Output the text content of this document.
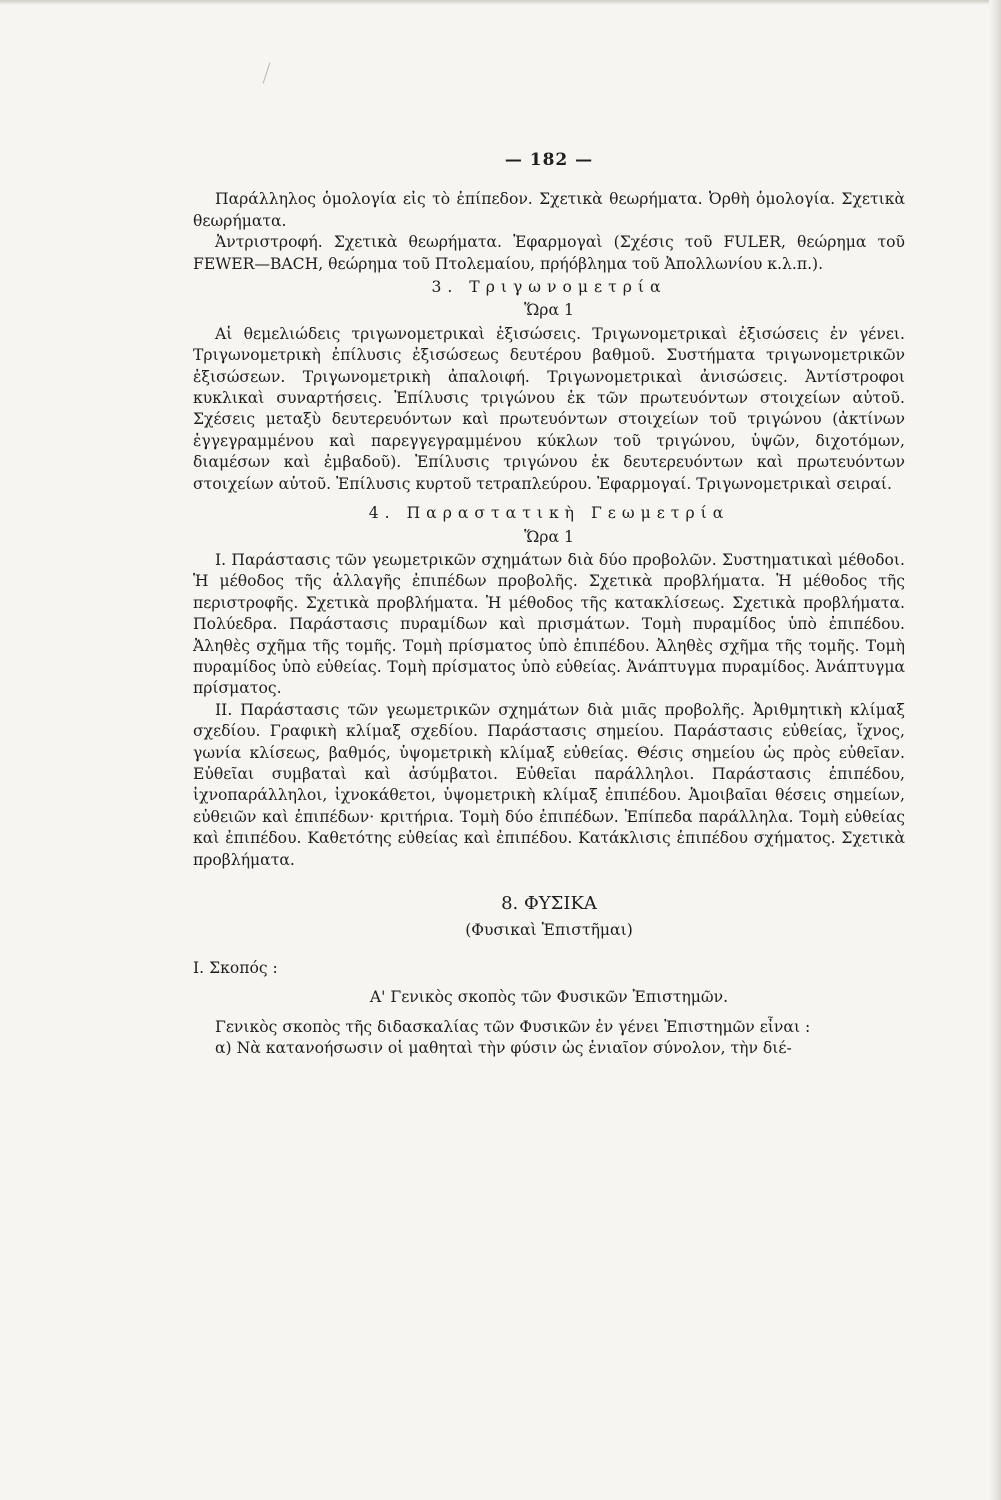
— 182 —

Παράλληλος ὁμολογία εἰς τὸ ἐπίπεδον. Σχετικὰ θεωρήματα. Ὀρθὴ ὁμολογία. Σχετικὰ θεωρήματα.

Ἀντριστροφή. Σχετικὰ θεωρήματα. Ἐφαρμογαὶ (Σχέσις τοῦ FULER, θεώρημα τοῦ FEWER—BACH, θεώρημα τοῦ Πτολεμαίου, πρήόβλημα τοῦ Ἀπολλωνίου κ.λ.π.).

3. Τριγωνομετρία
Ὥρα 1

Αἱ θεμελιώδεις τριγωνομετρικαὶ ἐξισώσεις. Τριγωνομετρικαὶ ἐξισώσεις ἐν γένει. Τριγωνομετρικὴ ἐπίλυσις ἐξισώσεως δευτέρου βαθμοῦ. Συστήματα τριγωνομετρικῶν ἐξισώσεων. Τριγωνομετρικὴ ἀπαλοιφή. Τριγωνομετρικαὶ ἀνισώσεις. Ἀντίστροφοι κυκλικαὶ συναρτήσεις. Ἐπίλυσις τριγώνου ἐκ τῶν πρωτευόντων στοιχείων αὐτοῦ. Σχέσεις μεταξὺ δευτερευόντων καὶ πρωτευόντων στοιχείων τοῦ τριγώνου (ἀκτίνων ἐγγεγραμμένου καὶ παρεγγεγραμμένου κύκλων τοῦ τριγώνου, ὑψῶν, διχοτόμων, διαμέσων καὶ ἐμβαδοῦ). Ἐπίλυσις τριγώνου ἐκ δευτερευόντων καὶ πρωτευόντων στοιχείων αὐτοῦ. Ἐπίλυσις κυρτοῦ τετραπλεύρου. Ἐφαρμογαί. Τριγωνομετρικαὶ σειραί.

4. Παραστατικὴ Γεωμετρία
Ὥρα 1

Ι. Παράστασις τῶν γεωμετρικῶν σχημάτων διὰ δύο προβολῶν. Συστηματικαὶ μέθοδοι. Ἡ μέθοδος τῆς ἀλλαγῆς ἐπιπέδων προβολῆς. Σχετικὰ προβλήματα. Ἡ μέθοδος τῆς περιστροφῆς. Σχετικὰ προβλήματα. Ἡ μέθοδος τῆς κατακλίσεως. Σχετικὰ προβλήματα. Πολύεδρα. Παράστασις πυραμίδων καὶ πρισμάτων. Τομὴ πυραμίδος ὑπὸ ἐπιπέδου. Ἀληθὲς σχῆμα τῆς τομῆς. Τομὴ πρίσματος ὑπὸ ἐπιπέδου. Ἀληθὲς σχῆμα τῆς τομῆς. Τομὴ πυραμίδος ὑπὸ εὐθείας. Τομὴ πρίσματος ὑπὸ εὐθείας. Ἀνάπτυγμα πυραμίδος. Ἀνάπτυγμα πρίσματος.

ΙΙ. Παράστασις τῶν γεωμετρικῶν σχημάτων διὰ μιᾶς προβολῆς. Ἀριθμητικὴ κλίμαξ σχεδίου. Γραφικὴ κλίμαξ σχεδίου. Παράστασις σημείου. Παράστασις εὐθείας, ἴχνος, γωνία κλίσεως, βαθμός, ὑψομετρικὴ κλίμαξ εὐθείας. Θέσις σημείου ὡς πρὸς εὐθεῖαν. Εὐθεῖαι συμβαταὶ καὶ ἀσύμβατοι. Εὐθεῖαι παράλληλοι. Παράστασις ἐπιπέδου, ἰχνοπαράλληλοι, ἰχνοκάθετοι, ὑψομετρικὴ κλίμαξ ἐπιπέδου. Ἀμοιβαῖαι θέσεις σημείων, εὐθειῶν καὶ ἐπιπέδων· κριτήρια. Τομὴ δύο ἐπιπέδων. Ἐπίπεδα παράλληλα. Τομὴ εὐθείας καὶ ἐπιπέδου. Καθετότης εὐθείας καὶ ἐπιπέδου. Κατάκλισις ἐπιπέδου σχήματος. Σχετικὰ προβλήματα.

8. ΦΥΣΙΚΑ
(Φυσικαὶ Ἐπιστῆμαι)
Ι. Σκοπός :
Α' Γενικὸς σκοπὸς τῶν Φυσικῶν Ἐπιστημῶν.

Γενικὸς σκοπὸς τῆς διδασκαλίας τῶν Φυσικῶν ἐν γένει Ἐπιστημῶν εἶναι :

α) Νὰ κατανοήσωσιν οἱ μαθηταὶ τὴν φύσιν ὡς ἑνιαῖον σύνολον, τὴν διέ-
